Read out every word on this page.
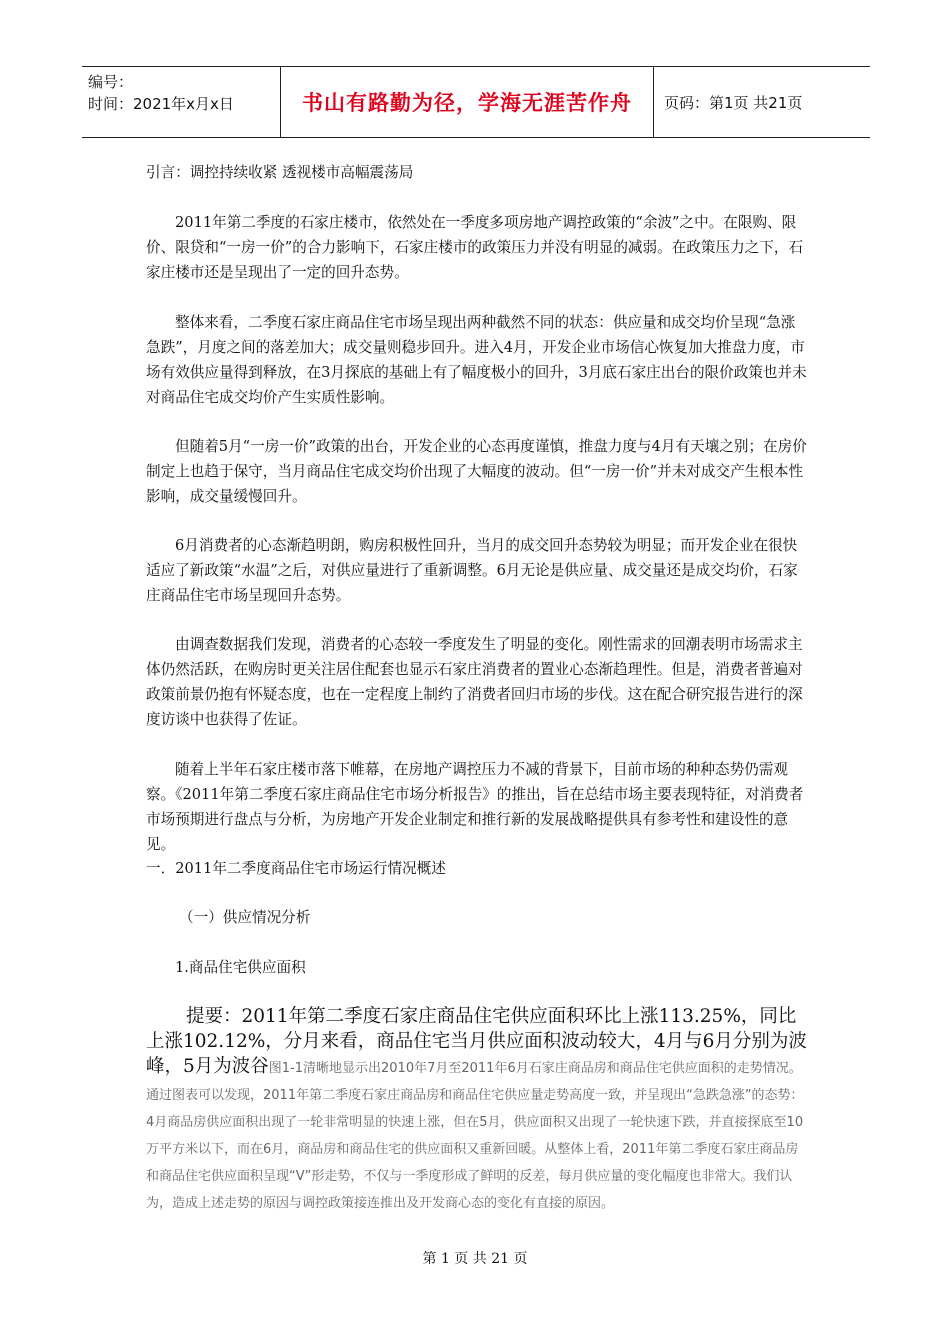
编号：
时间：2021年x月x日	书山有路勤为径，学海无涯苦作舟	页码：第1页 共21页
引言：调控持续收紧 透视楼市高幅震荡局
2011年第二季度的石家庄楼市，依然处在一季度多项房地产调控政策的“余波”之中。在限购、限价、限贷和“一房一价”的合力影响下，石家庄楼市的政策压力并没有明显的减弱。在政策压力之下，石家庄楼市还是呈现出了一定的回升态势。
整体来看，二季度石家庄商品住宅市场呈现出两种截然不同的状态：供应量和成交均价呈现“急涨急跌”，月度之间的落差加大；成交量则稳步回升。进入4月，开发企业市场信心恢复加大推盘力度，市场有效供应量得到释放，在3月探底的基础上有了幅度极小的回升，3月底石家庄出台的限价政策也并未对商品住宅成交均价产生实质性影响。
但随着5月“一房一价”政策的出台，开发企业的心态再度谨慎，推盘力度与4月有天壤之别；在房价制定上也趋于保守，当月商品住宅成交均价出现了大幅度的波动。但“一房一价”并未对成交产生根本性影响，成交量缓慢回升。
6月消费者的心态渐趋明朗，购房积极性回升，当月的成交回升态势较为明显；而开发企业在很快适应了新政策“水温”之后，对供应量进行了重新调整。6月无论是供应量、成交量还是成交均价，石家庄商品住宅市场呈现回升态势。
由调查数据我们发现，消费者的心态较一季度发生了明显的变化。刚性需求的回潮表明市场需求主体仍然活跃，在购房时更关注居住配套也显示石家庄消费者的置业心态渐趋理性。但是，消费者普遍对政策前景仍抱有怀疑态度，也在一定程度上制约了消费者回归市场的步伐。这在配合研究报告进行的深度访谈中也获得了佐证。
随着上半年石家庄楼市落下帷幕，在房地产调控压力不减的背景下，目前市场的种种态势仍需观察。《2011年第二季度石家庄商品住宅市场分析报告》的推出，旨在总结市场主要表现特征，对消费者市场预期进行盘点与分析，为房地产开发企业制定和推行新的发展战略提供具有参考性和建设性的意见。
一．2011年二季度商品住宅市场运行情况概述
（一）供应情况分析
1.商品住宅供应面积
提要：2011年第二季度石家庄商品住宅供应面积环比上涨113.25%，同比上涨102.12%，分月来看，商品住宅当月供应面积波动较大，4月与6月分别为波峰，5月为波谷图1-1清晰地显示出2010年7月至2011年6月石家庄商品房和商品住宅供应面积的走势情况。通过图表可以发现，2011年第二季度石家庄商品房和商品住宅供应量走势高度一致，并呈现出“急跌急涨”的态势：4月商品房供应面积出现了一轮非常明显的快速上涨，但在5月，供应面积又出现了一轮快速下跌，并直接探底至10万平方米以下，而在6月，商品房和商品住宅的供应面积又重新回暖。从整体上看，2011年第二季度石家庄商品房和商品住宅供应面积呈现“V”形走势，不仅与一季度形成了鲜明的反差，每月供应量的变化幅度也非常大。我们认为，造成上述走势的原因与调控政策接连推出及开发商心态的变化有直接的原因。
第 1 页 共 21 页
